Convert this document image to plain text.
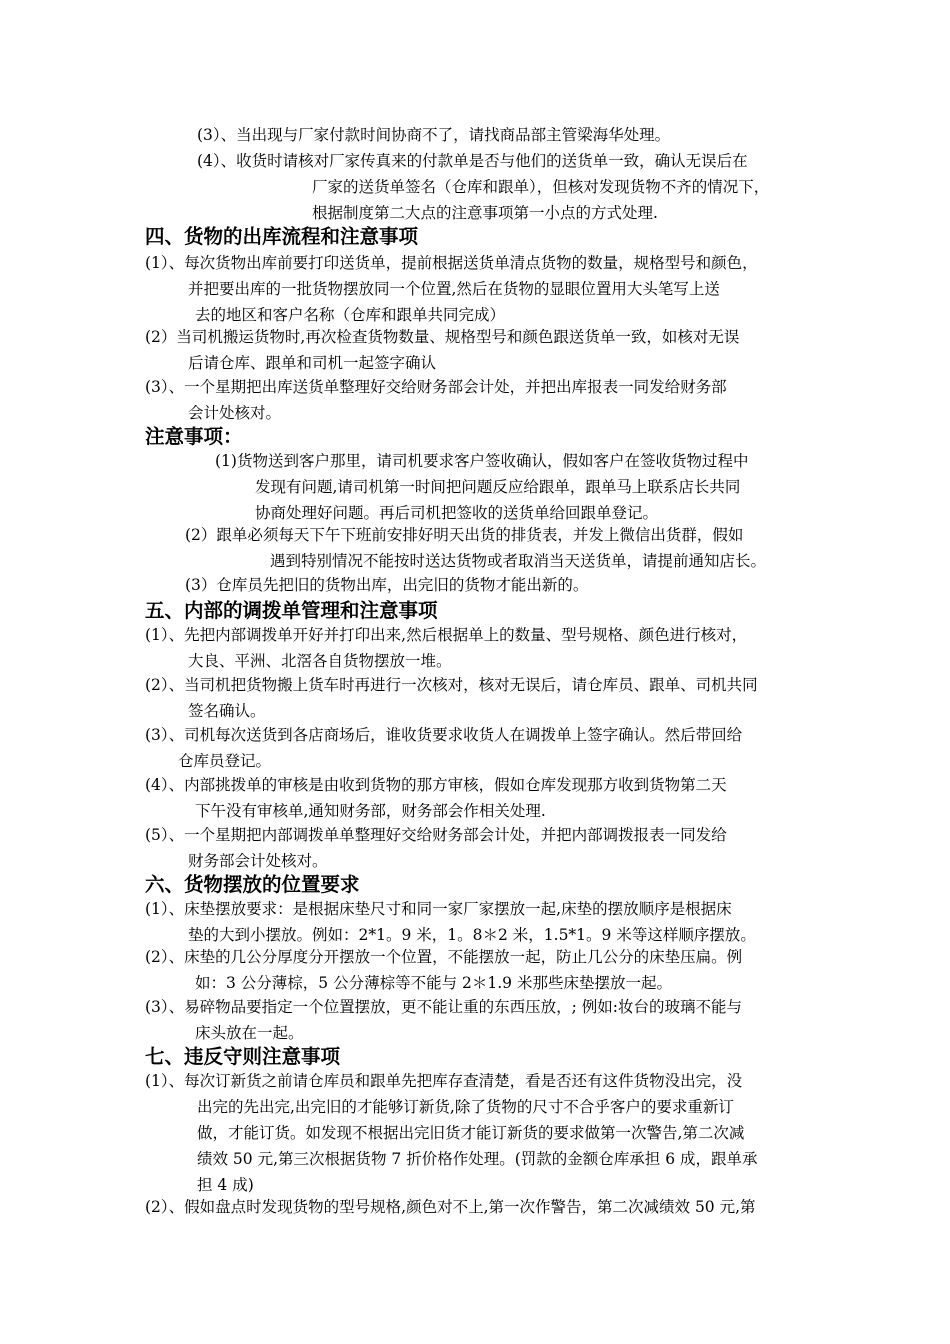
(3）、当出现与厂家付款时间协商不了，请找商品部主管梁海华处理。
(4）、收货时请核对厂家传真来的付款单是否与他们的送货单一致，确认无误后在
厂家的送货单签名（仓库和跟单），但核对发现货物不齐的情况下，
根据制度第二大点的注意事项第一小点的方式处理.
四、货物的出库流程和注意事项
(1）、每次货物出库前要打印送货单，提前根据送货单清点货物的数量，规格型号和颜色，
并把要出库的一批货物摆放同一个位置,然后在货物的显眼位置用大头笔写上送
去的地区和客户名称（仓库和跟单共同完成）
(2）当司机搬运货物时,再次检查货物数量、规格型号和颜色跟送货单一致，如核对无误
后请仓库、跟单和司机一起签字确认
(3）、一个星期把出库送货单整理好交给财务部会计处，并把出库报表一同发给财务部
会计处核对。
注意事项：
(1)货物送到客户那里，请司机要求客户签收确认，假如客户在签收货物过程中
发现有问题,请司机第一时间把问题反应给跟单，跟单马上联系店长共同
协商处理好问题。再后司机把签收的送货单给回跟单登记。
(2）跟单必须每天下午下班前安排好明天出货的排货表，并发上微信出货群，假如
遇到特别情况不能按时送达货物或者取消当天送货单，请提前通知店长。
(3）仓库员先把旧的货物出库，出完旧的货物才能出新的。
五、内部的调拨单管理和注意事项
(1）、先把内部调拨单开好并打印出来,然后根据单上的数量、型号规格、颜色进行核对，
大良、平洲、北滘各自货物摆放一堆。
(2）、当司机把货物搬上货车时再进行一次核对，核对无误后，请仓库员、跟单、司机共同
签名确认。
(3）、司机每次送货到各店商场后，谁收货要求收货人在调拨单上签字确认。然后带回给
仓库员登记。
(4）、内部挑拨单的审核是由收到货物的那方审核，假如仓库发现那方收到货物第二天
下午没有审核单,通知财务部，财务部会作相关处理.
(5）、一个星期把内部调拨单单整理好交给财务部会计处，并把内部调拨报表一同发给
财务部会计处核对。
六、货物摆放的位置要求
(1）、床垫摆放要求：是根据床垫尺寸和同一家厂家摆放一起,床垫的摆放顺序是根据床
垫的大到小摆放。例如：2*1。9 米，1。8＊2 米，1.5*1。9 米等这样顺序摆放。
(2）、床垫的几公分厚度分开摆放一个位置，不能摆放一起，防止几公分的床垫压扁。例
如：3 公分薄棕，5 公分薄棕等不能与 2＊1.9 米那些床垫摆放一起。
(3）、易碎物品要指定一个位置摆放，更不能让重的东西压放，; 例如:妆台的玻璃不能与
床头放在一起。
七、违反守则注意事项
(1）、每次订新货之前请仓库员和跟单先把库存查清楚，看是否还有这件货物没出完，没
出完的先出完,出完旧的才能够订新货,除了货物的尺寸不合乎客户的要求重新订
做，才能订货。如发现不根据出完旧货才能订新货的要求做第一次警告,第二次减
绩效 50 元,第三次根据货物 7 折价格作处理。(罚款的金额仓库承担 6 成，跟单承
担 4 成)
(2）、假如盘点时发现货物的型号规格,颜色对不上,第一次作警告，第二次减绩效 50 元,第
